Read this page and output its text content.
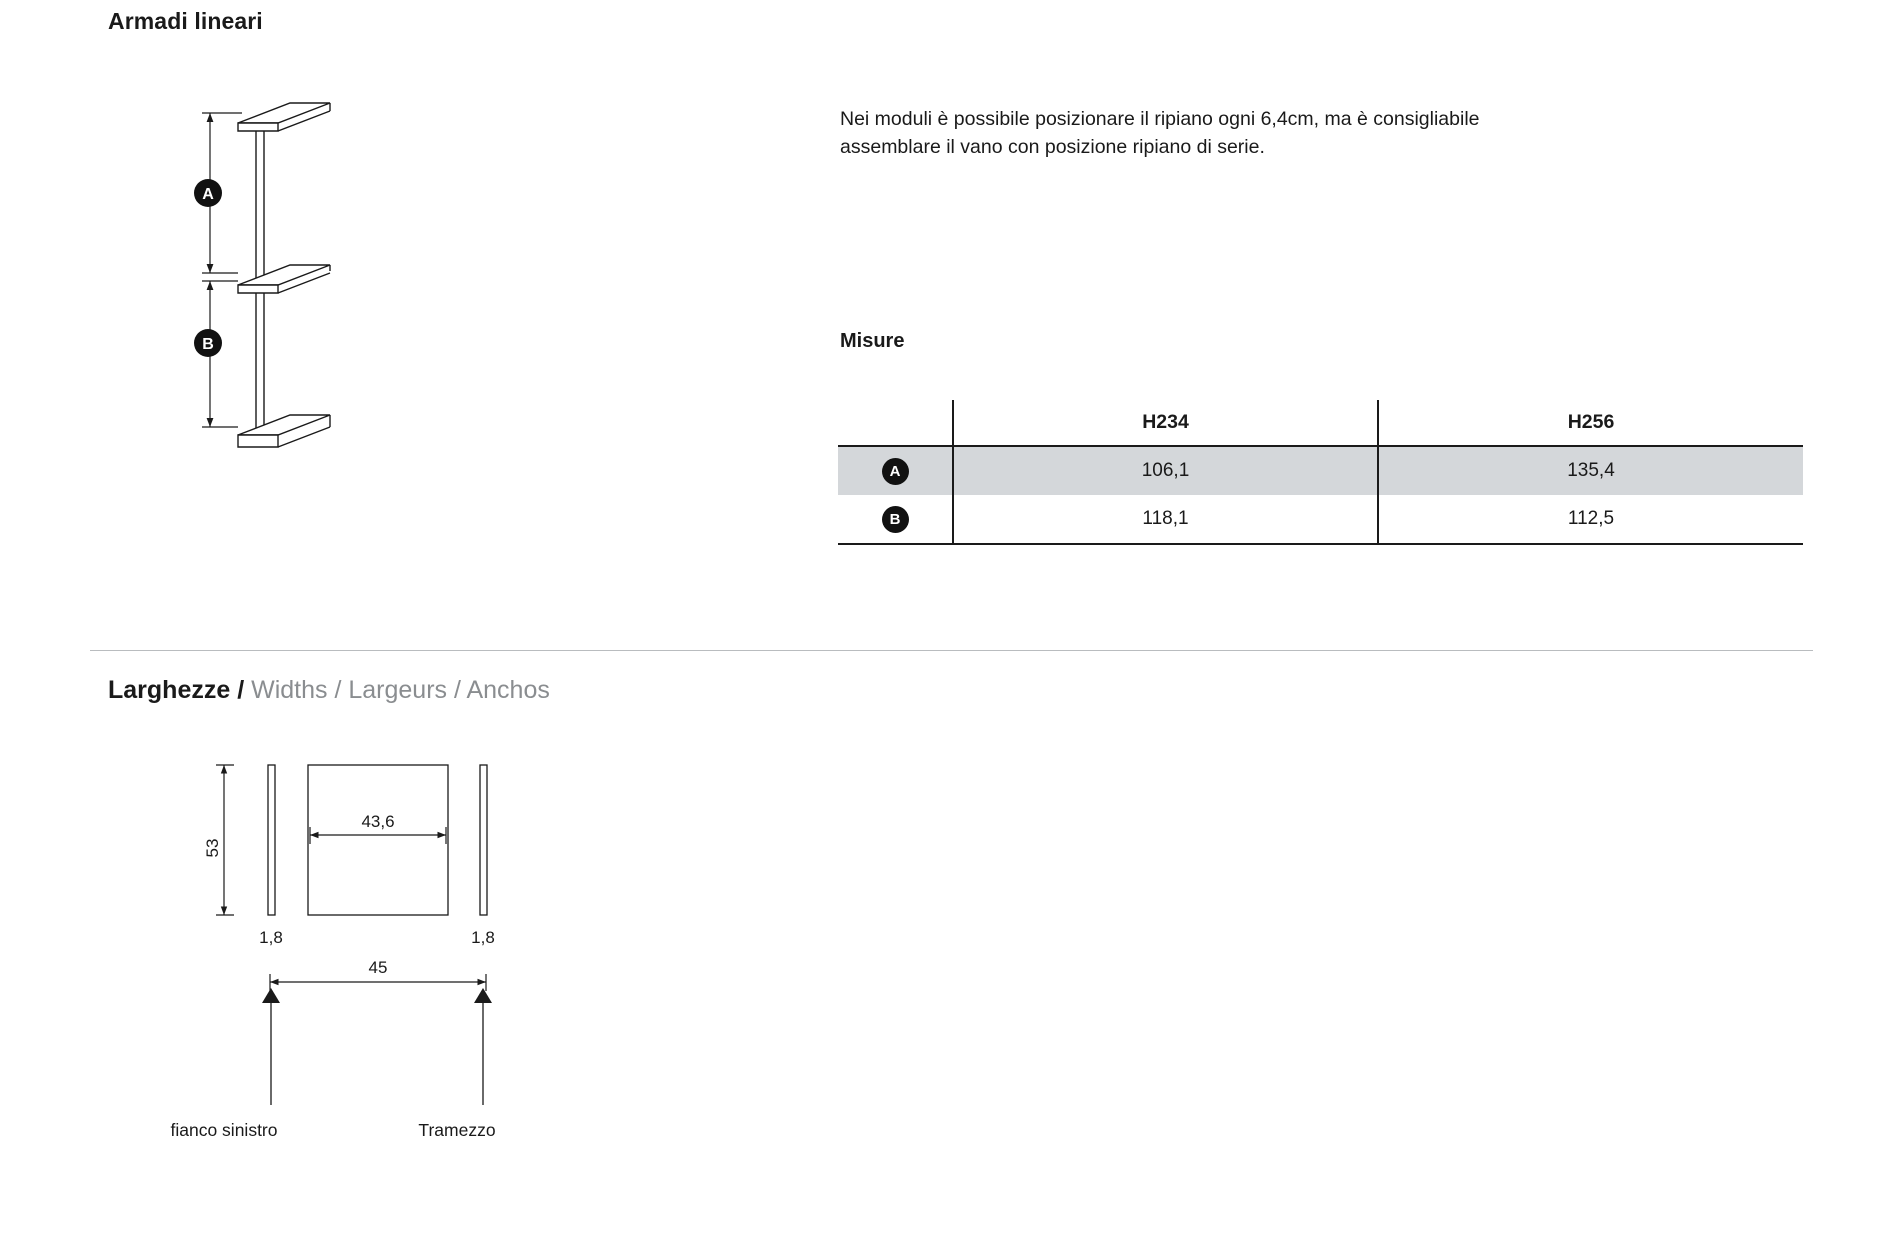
Armadi lineari
A
B
Nei moduli è possibile posizionare il ripiano ogni 6,4cm, ma è consigliabile
assemblare il vano con posizione ripiano di serie.
Misure
	H234	H256
A	106,1	135,4
B	118,1	112,5
Larghezze / Widths / Largeurs / Anchos
53
1,8
43,6
1,8
45
fianco sinistro	Tramezzo
